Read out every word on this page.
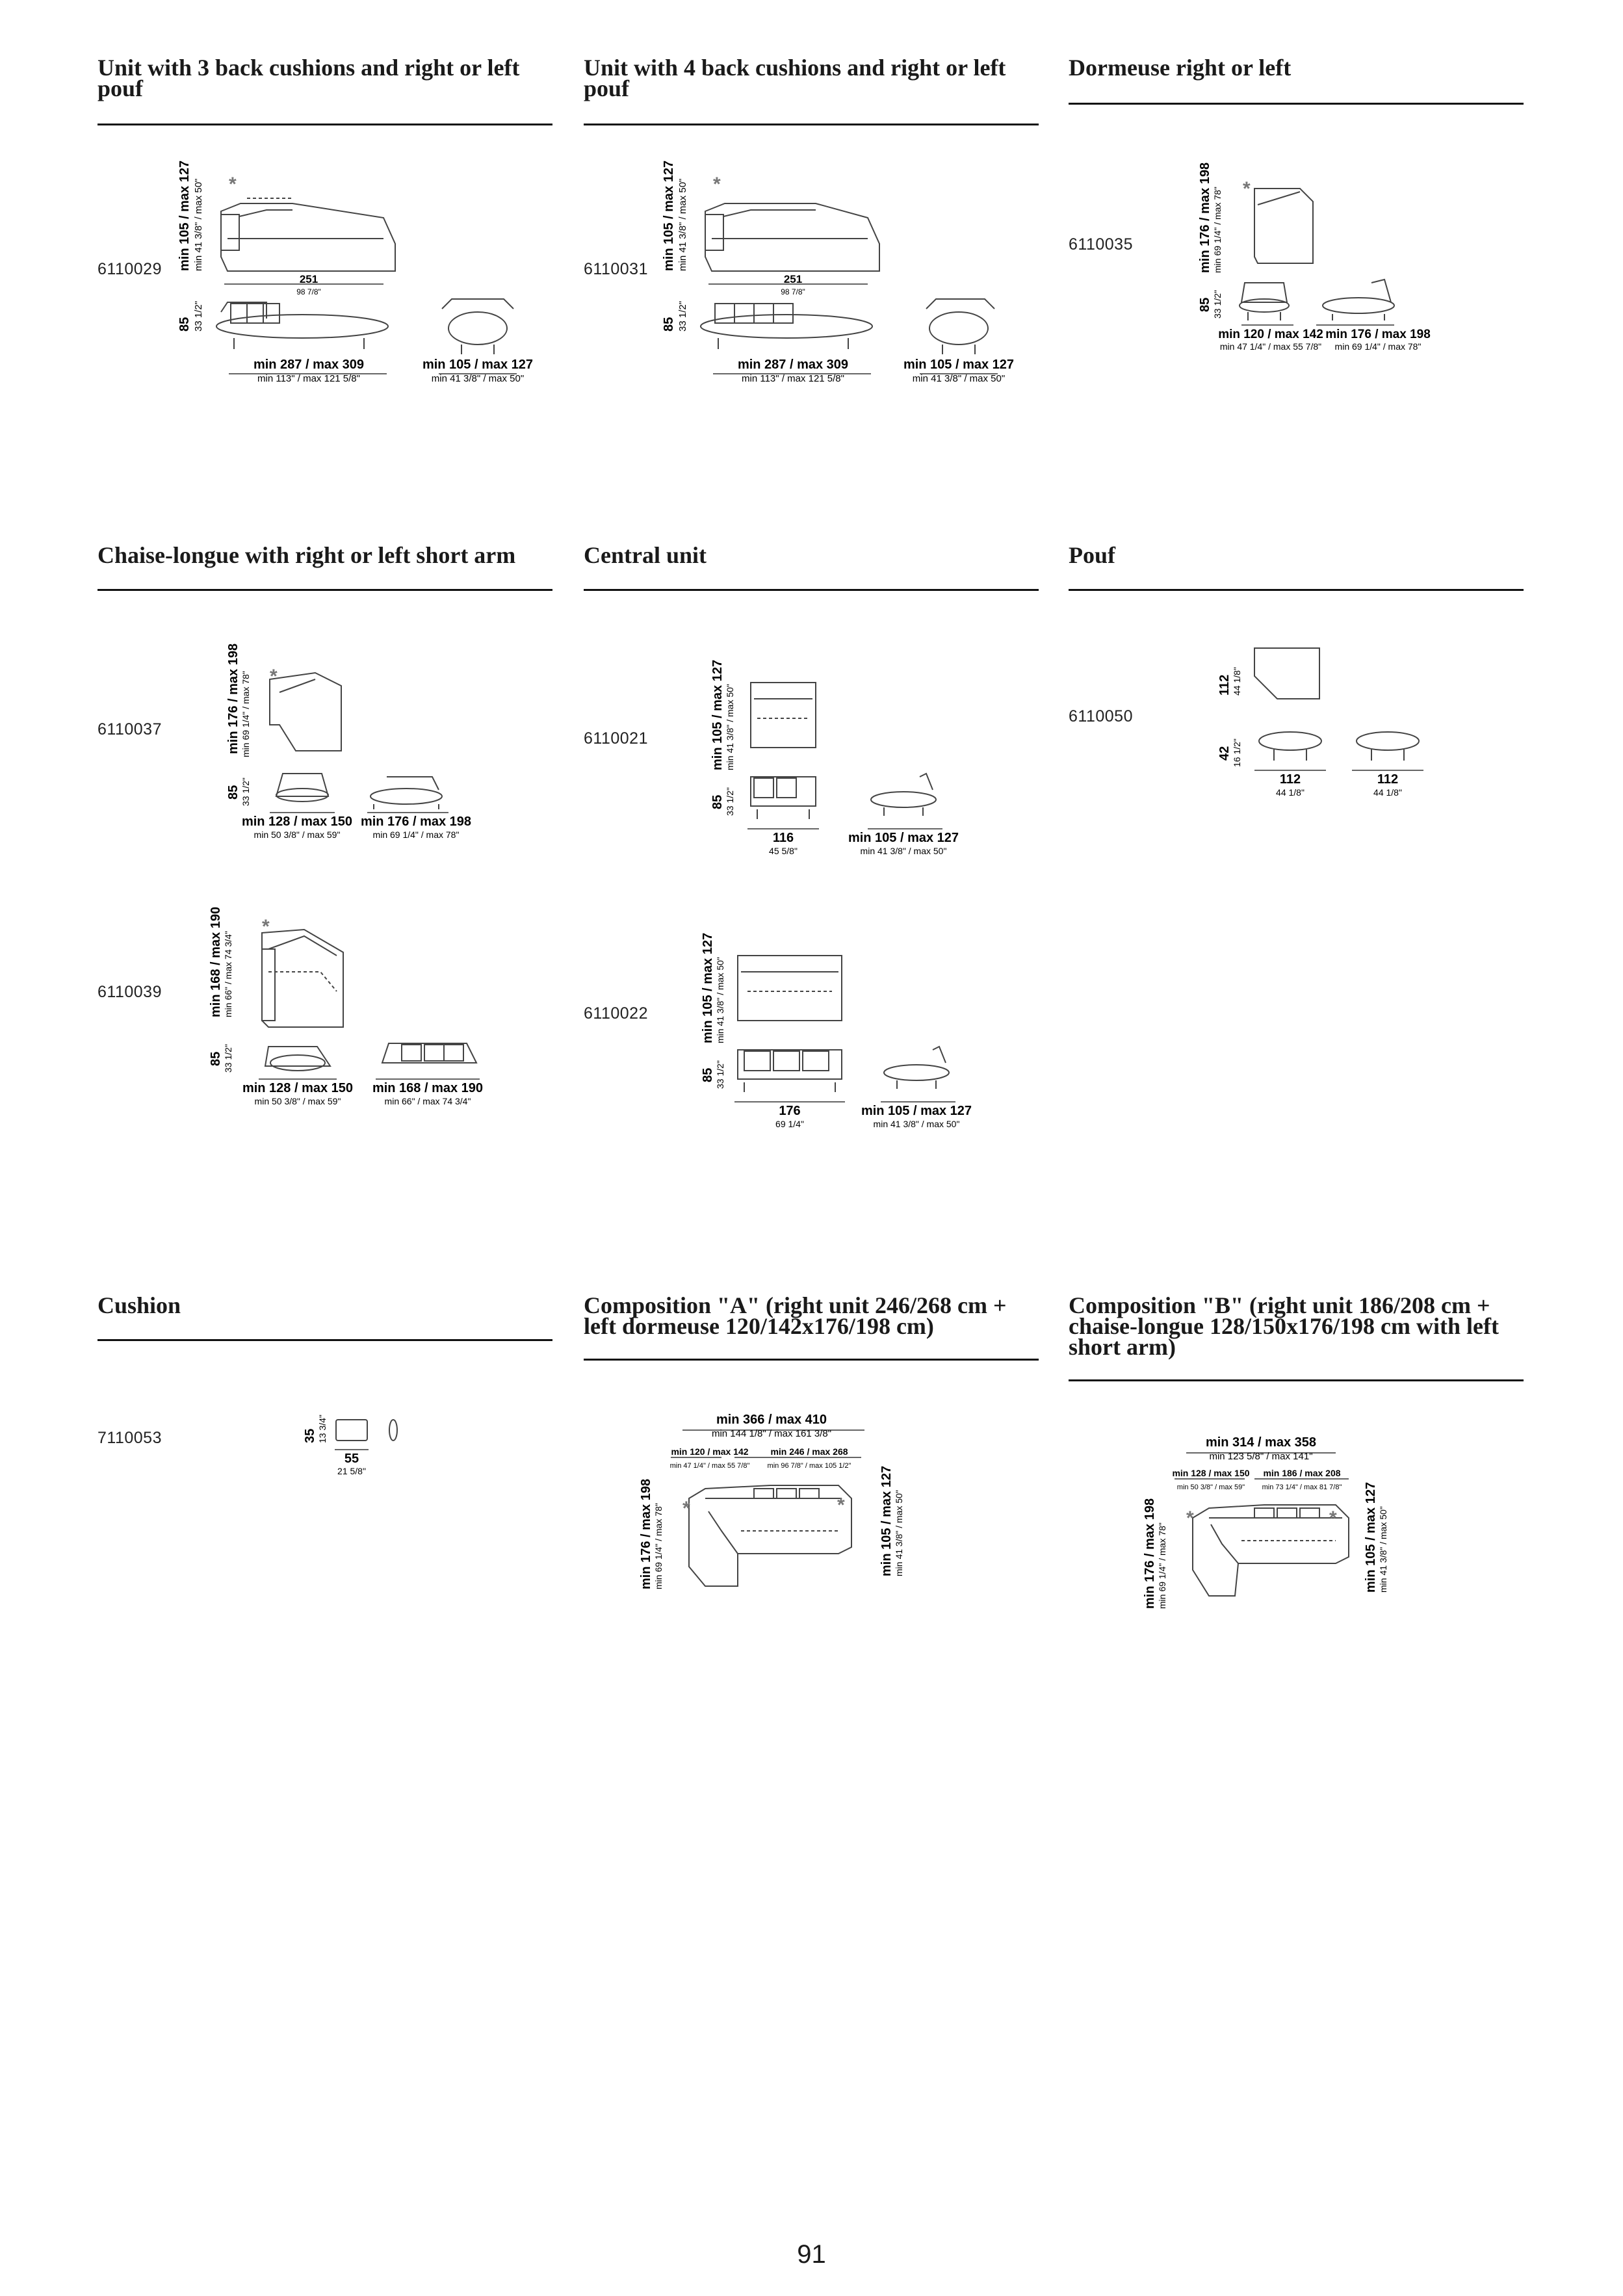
Unit with 3 back cushions and right or left pouf
6110029
*
min 105 / max 127 min 41 3/8" / max 50"
251
98 7/8"
85 33 1/2"
min 287 / max 309
min 113" / max 121 5/8"
min 105 / max 127
min 41 3/8" / max 50"
Unit with 4 back cushions and right or left pouf
6110031
*
min 105 / max 127 min 41 3/8" / max 50"
251
98 7/8"
85 33 1/2"
min 287 / max 309
min 113" / max 121 5/8"
min 105 / max 127
min 41 3/8" / max 50"
Dormeuse right or left
6110035
*
min 176 / max 198 min 69 1/4" / max 78"
85 33 1/2"
min 120 / max 142
min 47 1/4" / max 55 7/8"
min 176 / max 198
min 69 1/4" / max 78"
Chaise-longue with right or left short arm
6110037
*
min 176 / max 198 min 69 1/4" / max 78"
85 33 1/2"
min 128 / max 150
min 50 3/8" / max 59"
min 176 / max 198
min 69 1/4" / max 78"
6110039
*
min 168 / max 190 min 66" / max 74 3/4"
85 33 1/2"
min 128 / max 150
min 50 3/8" / max 59"
min 168 / max 190
min 66" / max 74 3/4"
Central unit
6110021	min 105 / max 127 min 41 3/8" / max 50"
85 33 1/2"
116
45 5/8"
min 105 / max 127
min 41 3/8" / max 50"
6110022	min 105 / max 127 min 41 3/8" / max 50"
85 33 1/2"
176
69 1/4"
min 105 / max 127
min 41 3/8" / max 50"
Pouf
6110050
112 44 1/8"
42 16 1/2"
112
44 1/8"
112
44 1/8"
Cushion
7110053	35 13 3/4"
55
21 5/8"
Composition "A" (right unit 246/268 cm + left dormeuse 120/142x176/198 cm)
*	*
min 366 / max 410
min 144 1/8" / max 161 3/8"
min 120 / max 142
min 47 1/4" / max 55 7/8"
min 246 / max 268
min 96 7/8" / max 105 1/2"
min 176 / max 198 min 69 1/4" / max 78"	min 105 / max 127 min 41 3/8" / max 50"
Composition "B" (right unit 186/208 cm + chaise-longue 128/150x176/198 cm with left short arm)
*	*
min 314 / max 358
min 123 5/8" / max 141"
min 128 / max 150
min 50 3/8" / max 59"
min 186 / max 208
min 73 1/4" / max 81 7/8"
min 176 / max 198 min 69 1/4" / max 78"	min 105 / max 127 min 41 3/8" / max 50"
91
